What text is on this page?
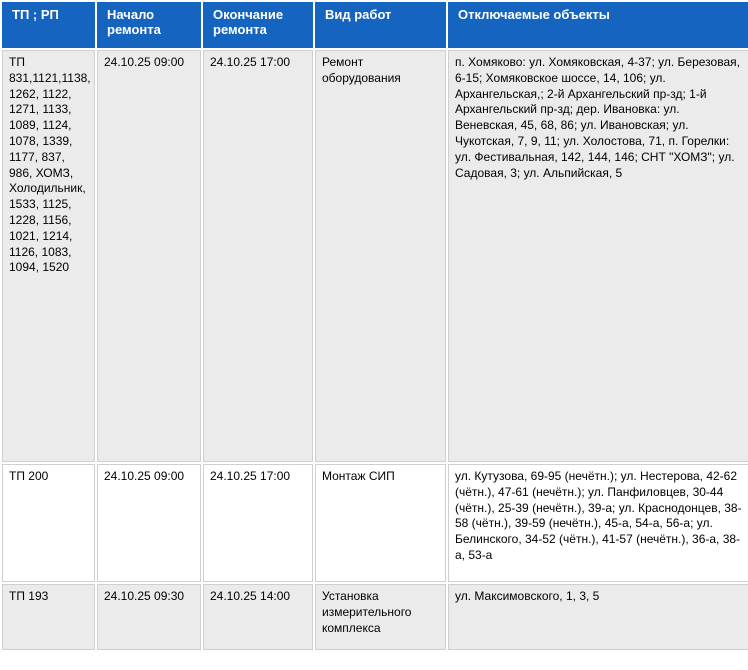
ТП ; РП	Начало ремонта	Окончание ремонта	Вид работ	Отключаемые объекты
ТП 831,1121,1138, 1262, 1122, 1271, 1133, 1089, 1124, 1078, 1339, 1177, 837, 986, ХОМЗ, Холодильник, 1533, 1125, 1228, 1156, 1021, 1214, 1126, 1083, 1094, 1520	24.10.25 09:00	24.10.25 17:00	Ремонт оборудования	п. Хомяково: ул. Хомяковская, 4-37; ул. Березовая, 6-15; Хомяковское шоссе, 14, 106; ул. Архангельская,; 2-й Архангельский пр-зд; 1-й Архангельский пр-зд; дер. Ивановка: ул. Веневская, 45, 68, 86; ул. Ивановская; ул. Чукотская, 7, 9, 11; ул. Холостова, 71, п. Горелки: ул. Фестивальная, 142, 144, 146; СНТ "ХОМЗ"; ул. Садовая, 3; ул. Альпийская, 5
ТП 200	24.10.25 09:00	24.10.25 17:00	Монтаж СИП	ул. Кутузова, 69-95 (нечётн.); ул. Нестерова, 42-62 (чётн.), 47-61 (нечётн.); ул. Панфиловцев, 30-44 (чётн.), 25-39 (нечётн.), 39-а; ул. Краснодонцев, 38-58 (чётн.), 39-59 (нечётн.), 45-а, 54-а, 56-а; ул. Белинского, 34-52 (чётн.), 41-57 (нечётн.), 36-а, 38-а, 53-а
ТП 193	24.10.25 09:30	24.10.25 14:00	Установка измерительного комплекса	ул. Максимовского, 1, 3, 5
